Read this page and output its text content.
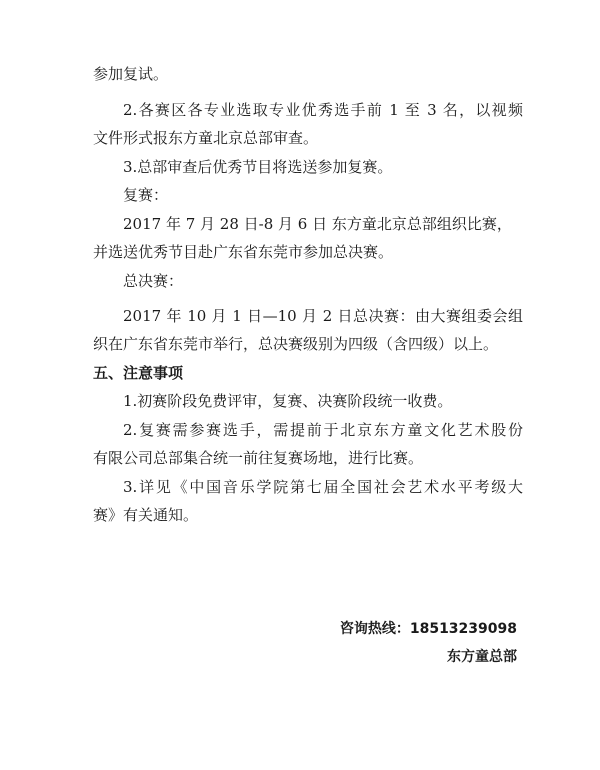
参加复试。
2.各赛区各专业选取专业优秀选手前 1 至 3 名，以视频
文件形式报东方童北京总部审查。
3.总部审查后优秀节目将选送参加复赛。
复赛：
2017 年 7 月 28 日-8 月 6 日 东方童北京总部组织比赛，
并选送优秀节目赴广东省东莞市参加总决赛。
总决赛：
2017 年 10 月 1 日—10 月 2 日总决赛：由大赛组委会组
织在广东省东莞市举行，总决赛级别为四级（含四级）以上。
五、注意事项
1.初赛阶段免费评审，复赛、决赛阶段统一收费。
2.复赛需参赛选手，需提前于北京东方童文化艺术股份
有限公司总部集合统一前往复赛场地，进行比赛。
3.详见《中国音乐学院第七届全国社会艺术水平考级大
赛》有关通知。
咨询热线：18513239098
东方童总部
